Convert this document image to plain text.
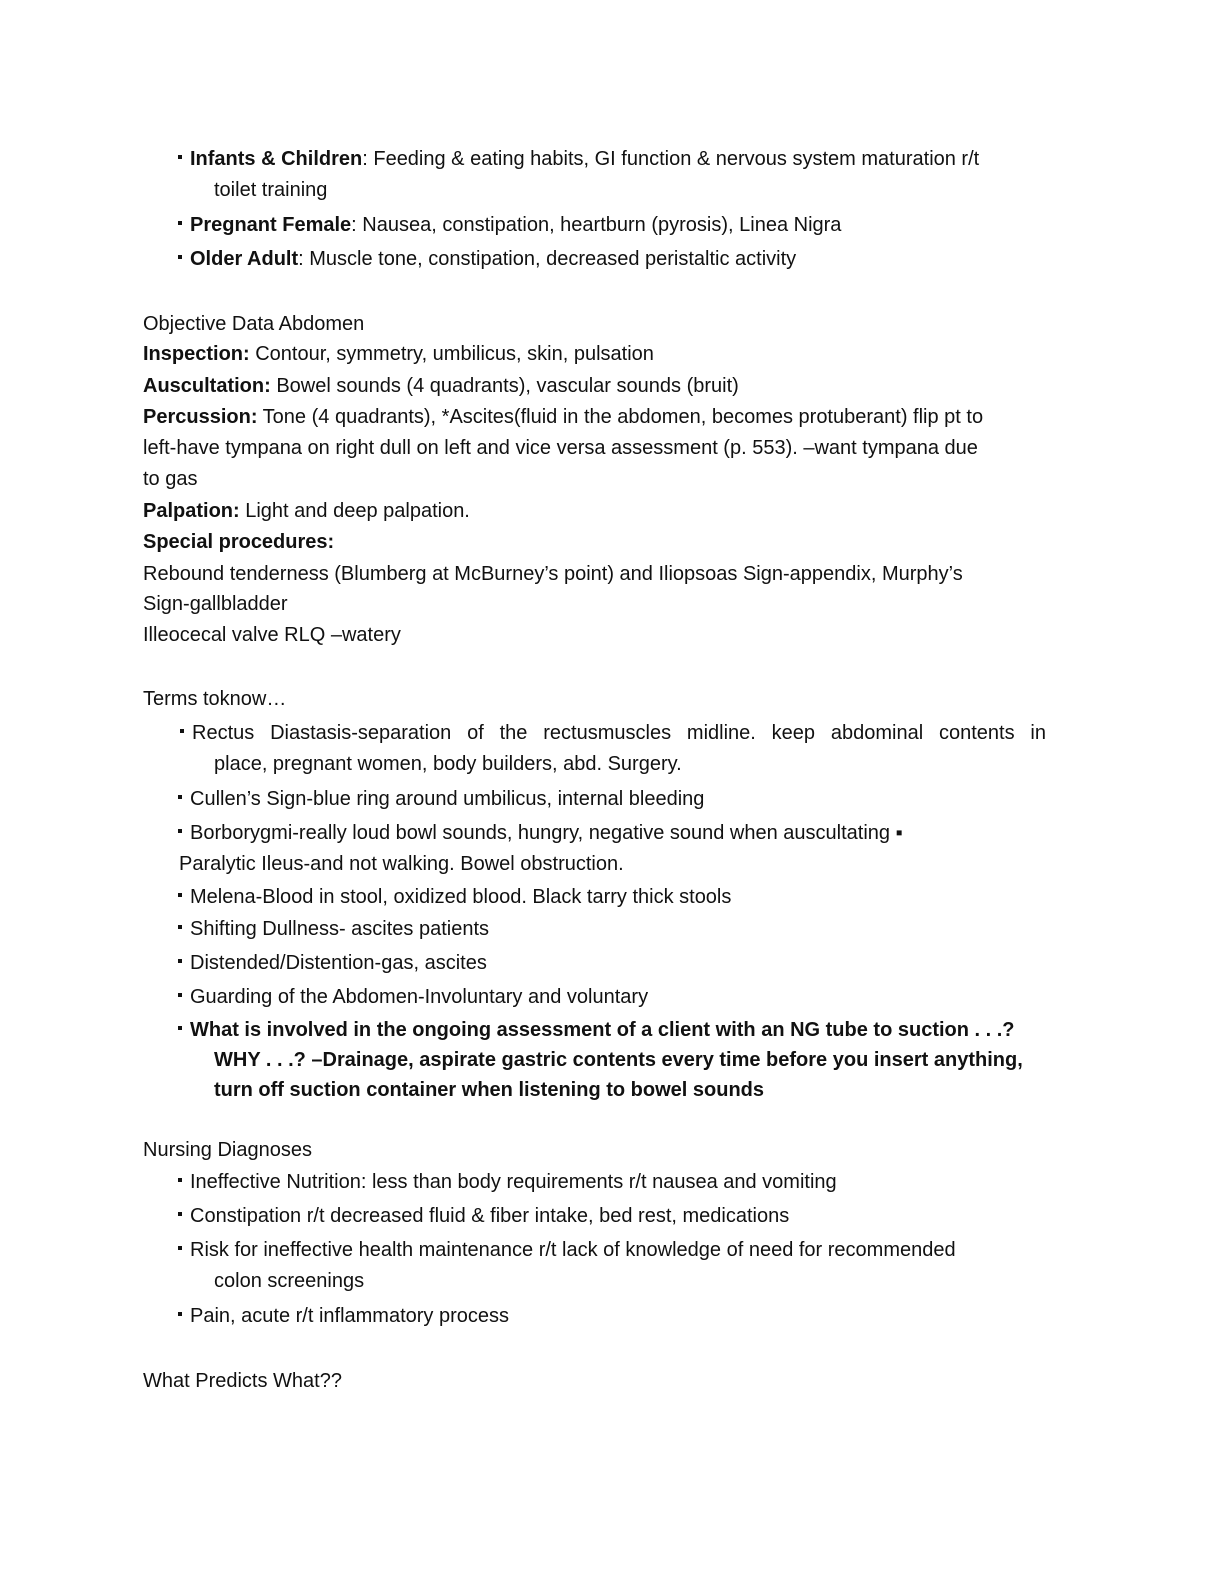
Infants & Children: Feeding & eating habits, GI function & nervous system maturation r/t
toilet training
Pregnant Female: Nausea, constipation, heartburn (pyrosis), Linea Nigra
Older Adult: Muscle tone, constipation, decreased peristaltic activity
Objective Data Abdomen
Inspection: Contour, symmetry, umbilicus, skin, pulsation
Auscultation: Bowel sounds (4 quadrants), vascular sounds (bruit)
Percussion: Tone (4 quadrants), *Ascites(fluid in the abdomen, becomes protuberant) flip pt to
left-have tympana on right dull on left and vice versa assessment (p. 553). –want tympana due
to gas
Palpation: Light and deep palpation.
Special procedures:
Rebound tenderness (Blumberg at McBurney’s point) and Iliopsoas Sign-appendix, Murphy’s
Sign-gallbladder
Illeocecal valve RLQ –watery
Terms toknow…
Rectus Diastasis-separation of the rectusmuscles midline. keep abdominal contents in
place, pregnant women, body builders, abd. Surgery.
Cullen’s Sign-blue ring around umbilicus, internal bleeding
Borborygmi-really loud bowl sounds, hungry, negative sound when auscultating ▪
Paralytic Ileus-and not walking. Bowel obstruction.
Melena-Blood in stool, oxidized blood. Black tarry thick stools
Shifting Dullness- ascites patients
Distended/Distention-gas, ascites
Guarding of the Abdomen-Involuntary and voluntary
What is involved in the ongoing assessment of a client with an NG tube to suction . . .?
WHY . . .? –Drainage, aspirate gastric contents every time before you insert anything,
turn off suction container when listening to bowel sounds
Nursing Diagnoses
Ineffective Nutrition: less than body requirements r/t nausea and vomiting
Constipation r/t decreased fluid & fiber intake, bed rest, medications
Risk for ineffective health maintenance r/t lack of knowledge of need for recommended
colon screenings
Pain, acute r/t inflammatory process
What Predicts What??
